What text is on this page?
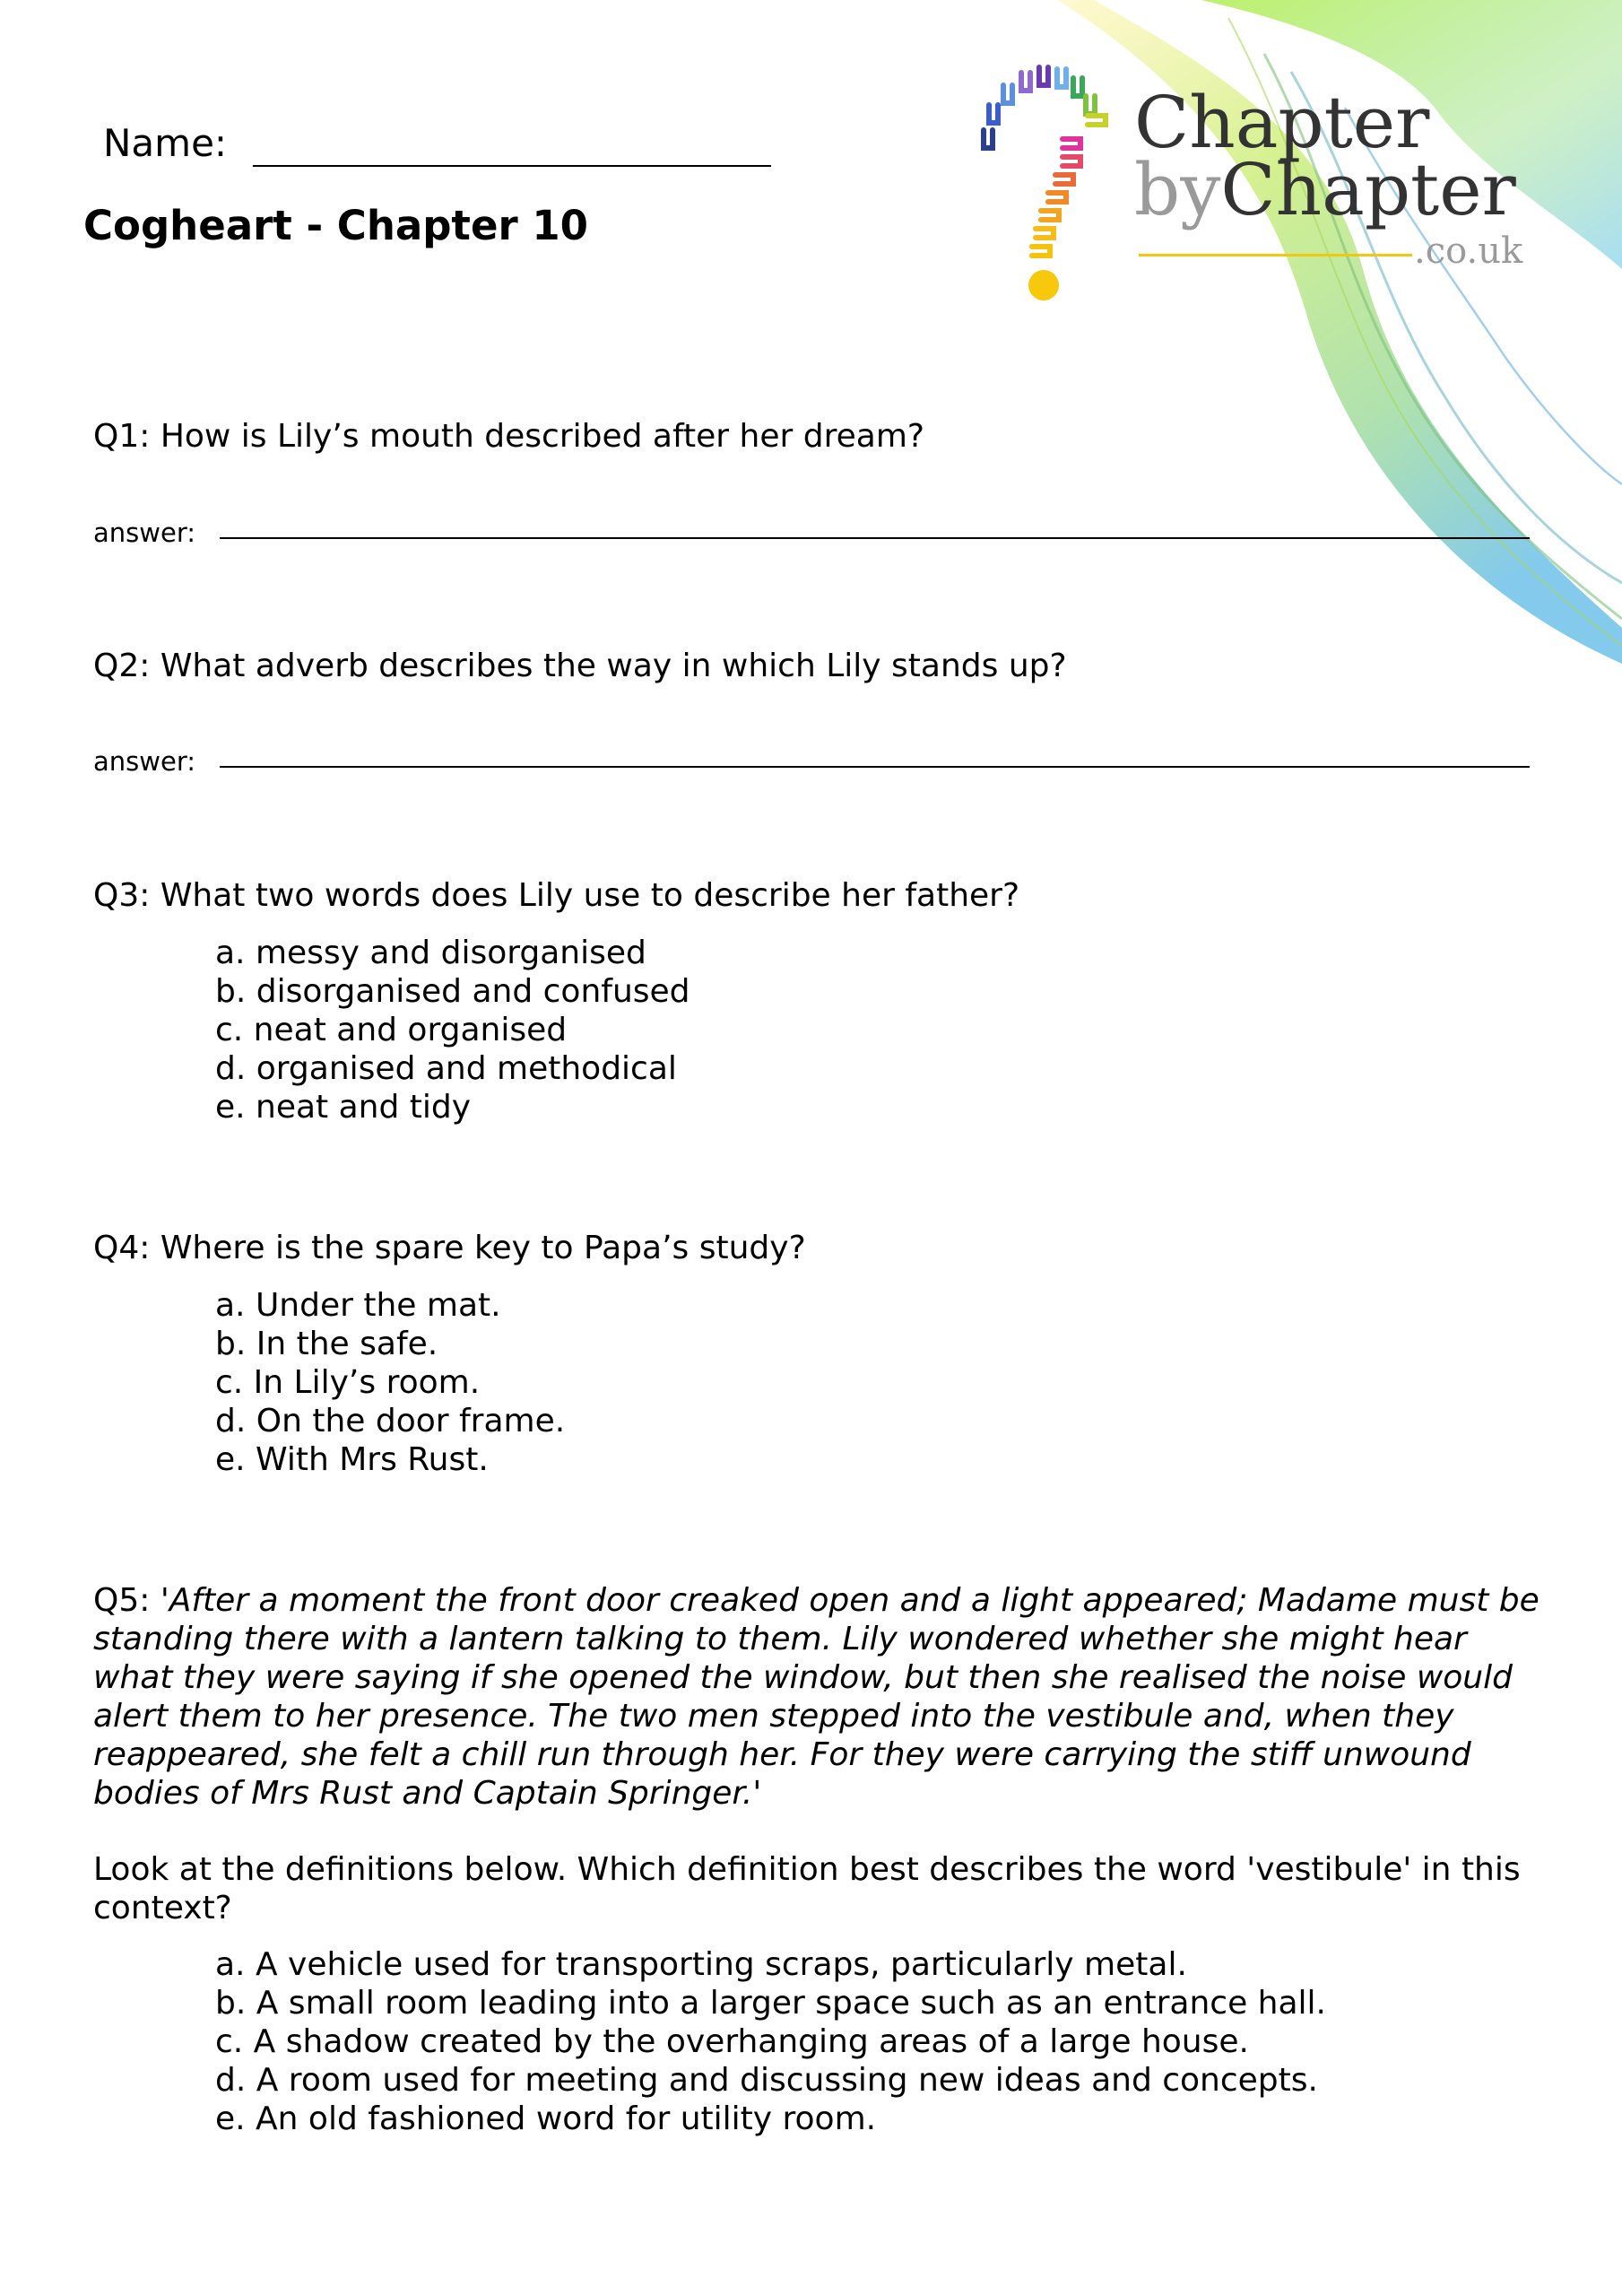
Name:
Cogheart - Chapter 10
Chapter
byChapter
.co.uk
Q1: How is Lily’s mouth described after her dream?
answer:
Q2: What adverb describes the way in which Lily stands up?
answer:
Q3: What two words does Lily use to describe her father?
a. messy and disorganised
b. disorganised and confused
c. neat and organised
d. organised and methodical
e. neat and tidy
Q4: Where is the spare key to Papa’s study?
a. Under the mat.
b. In the safe.
c. In Lily’s room.
d. On the door frame.
e. With Mrs Rust.
Q5: 'After a moment the front door creaked open and a light appeared; Madame must be standing there with a lantern talking to them. Lily wondered whether she might hear what they were saying if she opened the window, but then she realised the noise would alert them to her presence. The two men stepped into the vestibule and, when they reappeared, she felt a chill run through her. For they were carrying the stiff unwound bodies of Mrs Rust and Captain Springer.'
Look at the definitions below. Which definition best describes the word 'vestibule' in this context?
a. A vehicle used for transporting scraps, particularly metal.
b. A small room leading into a larger space such as an entrance hall.
c. A shadow created by the overhanging areas of a large house.
d. A room used for meeting and discussing new ideas and concepts.
e. An old fashioned word for utility room.
